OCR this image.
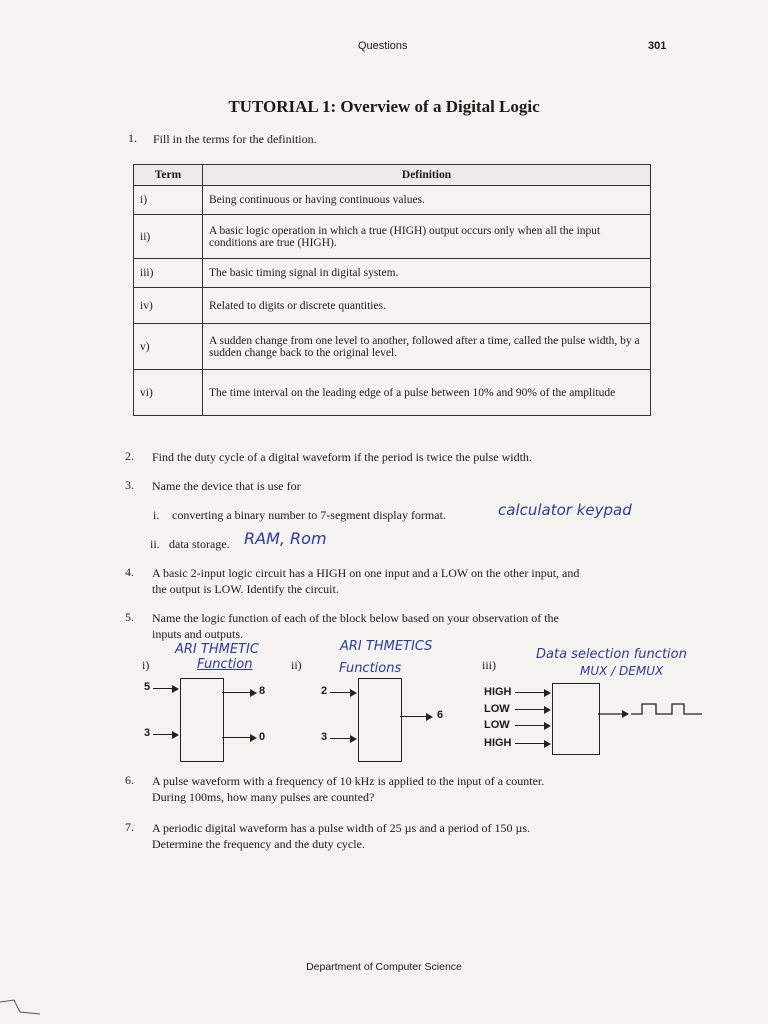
Questions	301
TUTORIAL 1: Overview of a Digital Logic
1. Fill in the terms for the definition.
Term	Definition
i)	Being continuous or having continuous values.
ii)	A basic logic operation in which a true (HIGH) output occurs only when all the input conditions are true (HIGH).
iii)	The basic timing signal in digital system.
iv)	Related to digits or discrete quantities.
v)	A sudden change from one level to another, followed after a time, called the pulse width, by a sudden change back to the original level.
vi)	The time interval on the leading edge of a pulse between 10% and 90% of the amplitude
2. Find the duty cycle of a digital waveform if the period is twice the pulse width.
3. Name the device that is use for
i. converting a binary number to 7-segment display format.	calculator keypad
ii. data storage. RAM, Rom
4. A basic 2-input logic circuit has a HIGH on one input and a LOW on the other input, and
the output is LOW. Identify the circuit.
5. Name the logic function of each of the block below based on your observation of the
inputs and outputs.
i)
ARI THMETIC
Function
5
3
8
0
ii)
ARI THMETICS
Functions
2
3
6
iii)
Data selection function
MUX / DEMUX
HIGH
LOW
LOW
HIGH
6. A pulse waveform with a frequency of 10 kHz is applied to the input of a counter.
During 100ms, how many pulses are counted?
7. A periodic digital waveform has a pulse width of 25 µs and a period of 150 µs.
Determine the frequency and the duty cycle.
Department of Computer Science
